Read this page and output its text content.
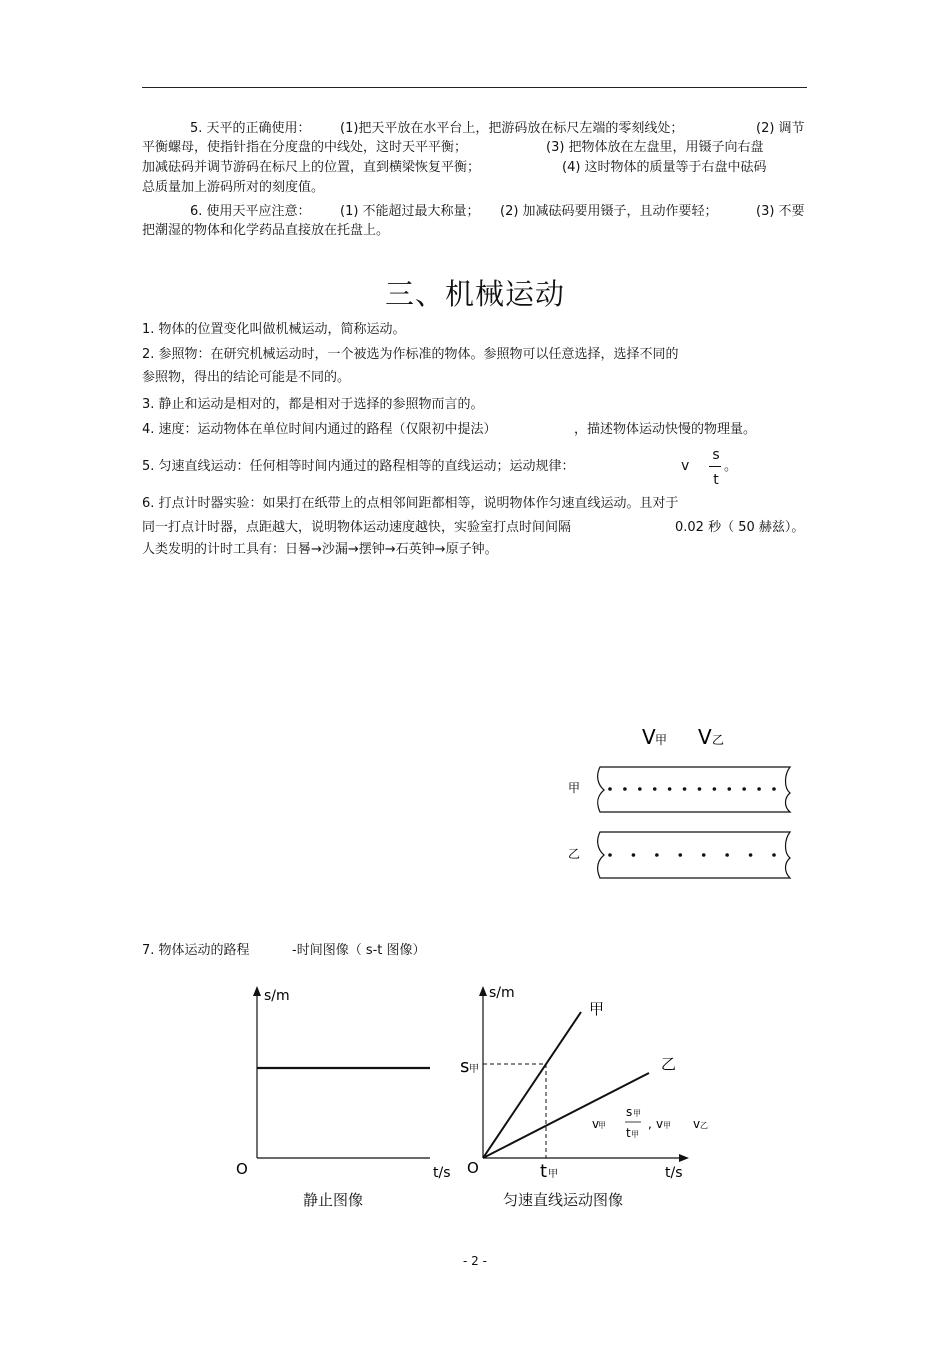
5. 天平的正确使用： (1)把天平放在水平台上，把游码放在标尺左端的零刻线处；	(2) 调节
平衡螺母，使指针指在分度盘的中线处，这时天平平衡；	(3) 把物体放在左盘里，用镊子向右盘
加减砝码并调节游码在标尺上的位置，直到横梁恢复平衡；	(4) 这时物体的质量等于右盘中砝码
总质量加上游码所对的刻度值。
6. 使用天平应注意： (1) 不能超过最大称量； (2) 加减砝码要用镊子，且动作要轻；	(3) 不要
把潮湿的物体和化学药品直接放在托盘上。
三、机械运动
1. 物体的位置变化叫做机械运动，简称运动。
2. 参照物：在研究机械运动时，一个被选为作标准的物体。参照物可以任意选择，选择不同的
参照物，得出的结论可能是不同的。
3. 静止和运动是相对的，都是相对于选择的参照物而言的。
4. 速度：运动物体在单位时间内通过的路程（仅限初中提法）	，描述物体运动快慢的物理量。
5. 匀速直线运动：任何相等时间内通过的路程相等的直线运动；运动规律：	v
s
t
。
6. 打点计时器实验：如果打在纸带上的点相邻间距都相等，说明物体作匀速直线运动。且对于
同一打点计时器，点距越大，说明物体运动速度越快，实验室打点时间间隔	0.02 秒（ 50 赫兹）。
人类发明的计时工具有：日晷→沙漏→摆钟→石英钟→原子钟。
V 甲 V 乙
甲
乙
7. 物体运动的路程	-时间图像（ s-t 图像）
s/m
O	t/s
静止图像
s/m
s 甲
甲
乙
O	t 甲	t/s
v
甲
s 甲
t 甲
, v 甲 v 乙
匀速直线运动图像
- 2 -
